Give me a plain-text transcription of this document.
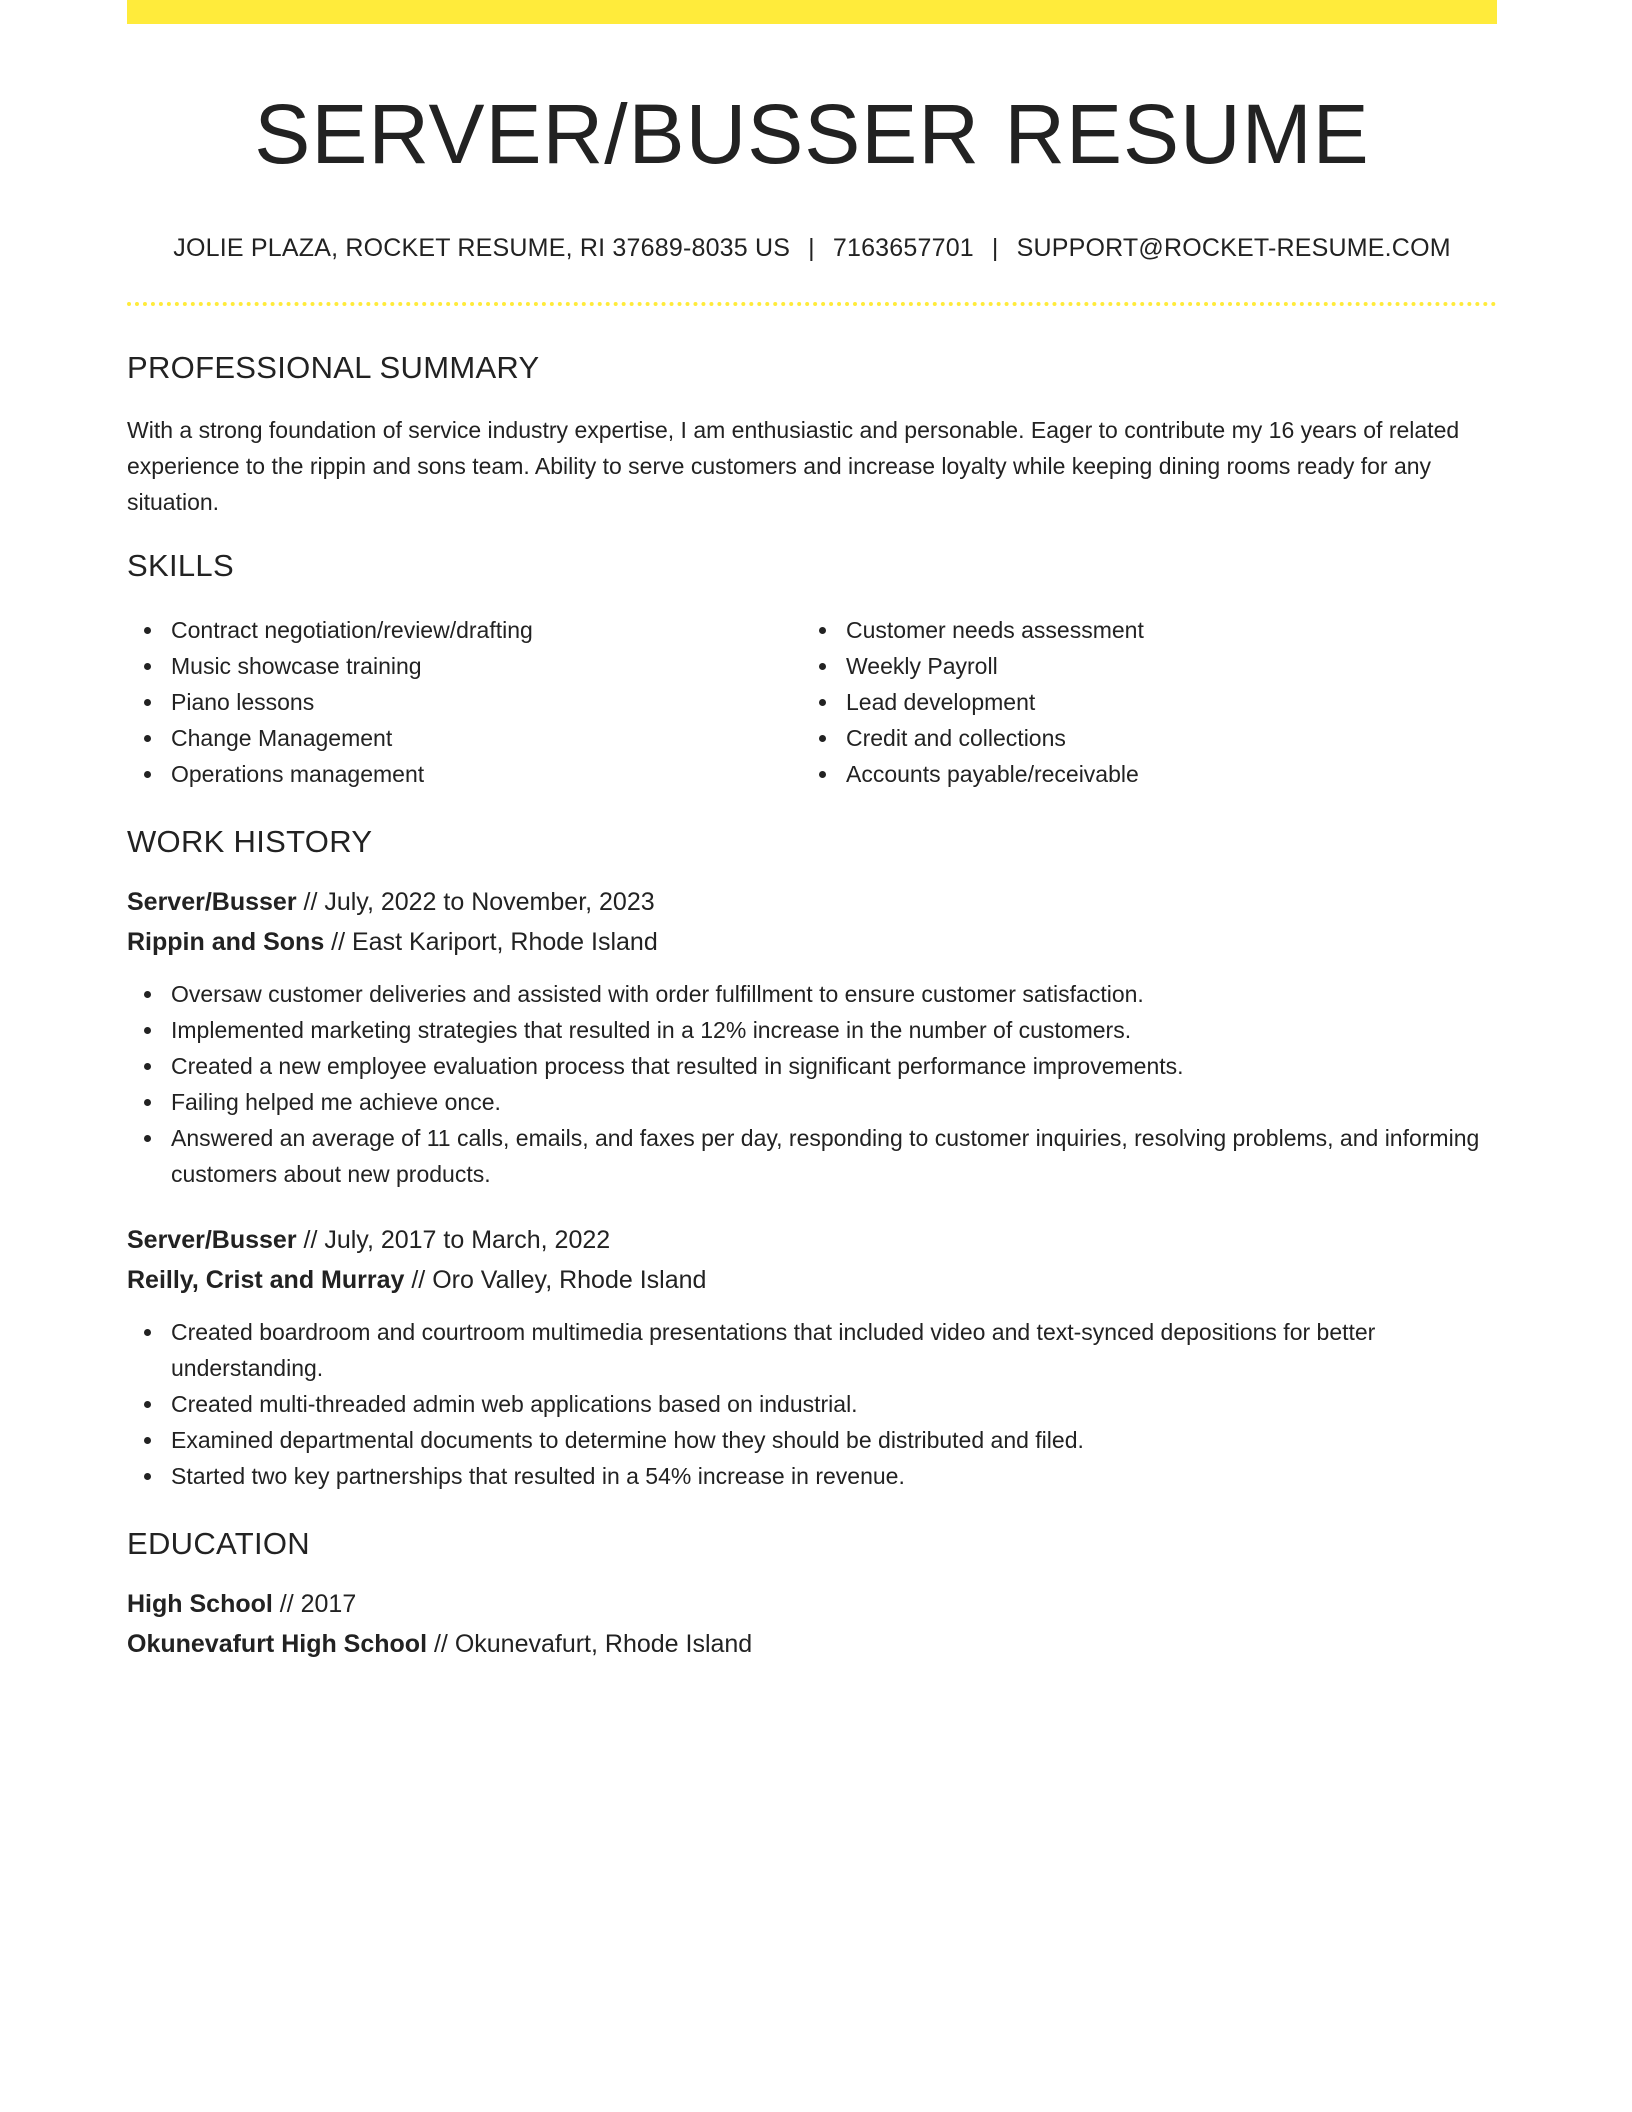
SERVER/BUSSER RESUME
JOLIE PLAZA, ROCKET RESUME, RI 37689-8035 US | 7163657701 | SUPPORT@ROCKET-RESUME.COM
PROFESSIONAL SUMMARY

With a strong foundation of service industry expertise, I am enthusiastic and personable. Eager to contribute my 16 years of related experience to the rippin and sons team. Ability to serve customers and increase loyalty while keeping dining rooms ready for any situation.

SKILLS
Contract negotiation/review/drafting
Music showcase training
Piano lessons
Change Management
Operations management
Customer needs assessment
Weekly Payroll
Lead development
Credit and collections
Accounts payable/receivable
WORK HISTORY
Server/Busser // July, 2022 to November, 2023
Rippin and Sons // East Kariport, Rhode Island
Oversaw customer deliveries and assisted with order fulfillment to ensure customer satisfaction.
Implemented marketing strategies that resulted in a 12% increase in the number of customers.
Created a new employee evaluation process that resulted in significant performance improvements.
Failing helped me achieve once.
Answered an average of 11 calls, emails, and faxes per day, responding to customer inquiries, resolving problems, and informing customers about new products.
Server/Busser // July, 2017 to March, 2022
Reilly, Crist and Murray // Oro Valley, Rhode Island
Created boardroom and courtroom multimedia presentations that included video and text-synced depositions for better understanding.
Created multi-threaded admin web applications based on industrial.
Examined departmental documents to determine how they should be distributed and filed.
Started two key partnerships that resulted in a 54% increase in revenue.
EDUCATION
High School // 2017
Okunevafurt High School // Okunevafurt, Rhode Island
